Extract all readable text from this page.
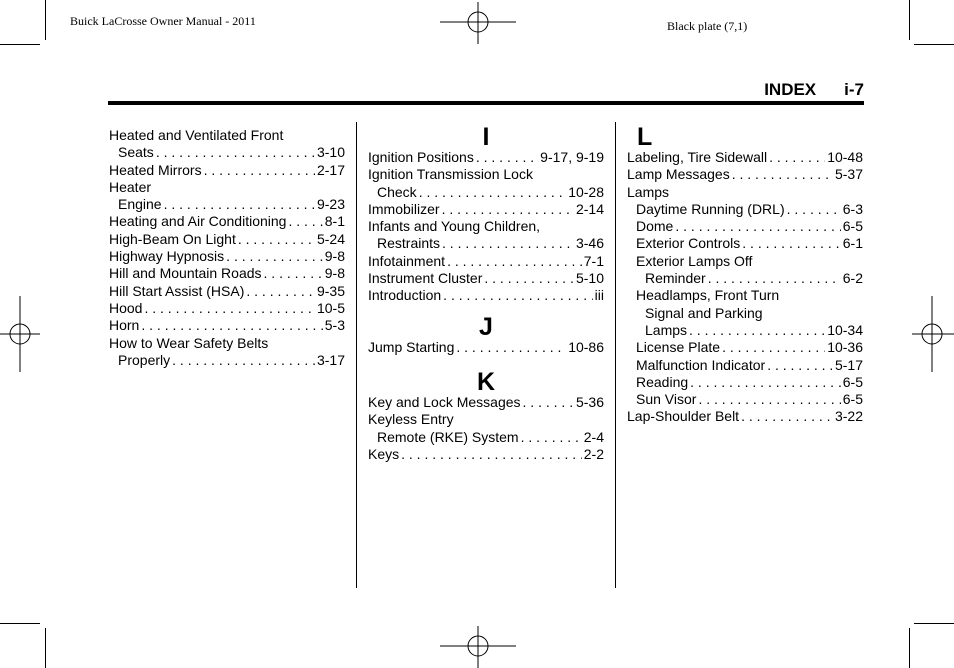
Buick LaCrosse Owner Manual - 2011	Black plate (7,1)
INDEX i-7
Heated and Ventilated Front
Seats . . .	3-10
Heated Mirrors . . .	2-17
Heater
Engine . . .	9-23
Heating and Air Conditioning . . .	8-1
High-Beam On Light . . .	5-24
Highway Hypnosis . . .	9-8
Hill and Mountain Roads . . .	9-8
Hill Start Assist (HSA) . . .	9-35
Hood . . .	10-5
Horn . . .	5-3
How to Wear Safety Belts
Properly . . .	3-17
I
Ignition Positions . . .	9-17, 9-19
Ignition Transmission Lock
Check . . .	10-28
Immobilizer . . .	2-14
Infants and Young Children,
Restraints . . .	3-46
Infotainment . . .	7-1
Instrument Cluster . . .	5-10
Introduction . . .	iii
J
Jump Starting . . .	10-86
K
Key and Lock Messages . . .	5-36
Keyless Entry
Remote (RKE) System . . .	2-4
Keys . . .	2-2
L
Labeling, Tire Sidewall . . .	10-48
Lamp Messages . . .	5-37
Lamps
Daytime Running (DRL) . . .	6-3
Dome . . .	6-5
Exterior Controls . . .	6-1
Exterior Lamps Off
Reminder . . .	6-2
Headlamps, Front Turn
Signal and Parking
Lamps . . .	10-34
License Plate . . .	10-36
Malfunction Indicator . . .	5-17
Reading . . .	6-5
Sun Visor . . .	6-5
Lap-Shoulder Belt . . .	3-22
